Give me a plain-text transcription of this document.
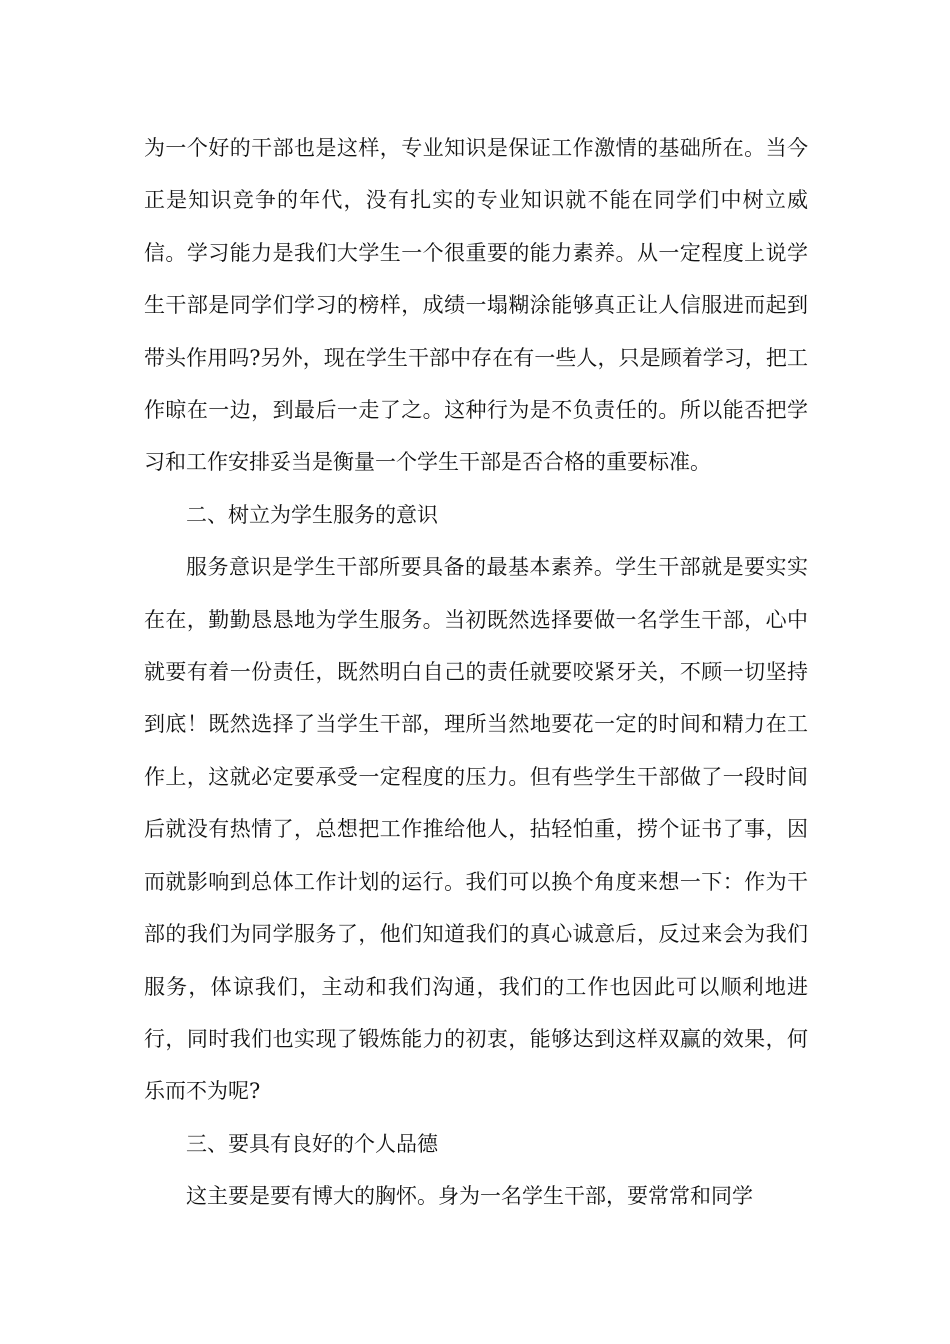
为一个好的干部也是这样，专业知识是保证工作激情的基础所在。当今正是知识竞争的年代，没有扎实的专业知识就不能在同学们中树立威信。学习能力是我们大学生一个很重要的能力素养。从一定程度上说学生干部是同学们学习的榜样，成绩一塌糊涂能够真正让人信服进而起到带头作用吗?另外，现在学生干部中存在有一些人，只是顾着学习，把工作晾在一边，到最后一走了之。这种行为是不负责任的。所以能否把学习和工作安排妥当是衡量一个学生干部是否合格的重要标准。

二、树立为学生服务的意识

服务意识是学生干部所要具备的最基本素养。学生干部就是要实实在在，勤勤恳恳地为学生服务。当初既然选择要做一名学生干部，心中就要有着一份责任，既然明白自己的责任就要咬紧牙关，不顾一切坚持到底！既然选择了当学生干部，理所当然地要花一定的时间和精力在工作上，这就必定要承受一定程度的压力。但有些学生干部做了一段时间后就没有热情了，总想把工作推给他人，拈轻怕重，捞个证书了事，因而就影响到总体工作计划的运行。我们可以换个角度来想一下：作为干部的我们为同学服务了，他们知道我们的真心诚意后，反过来会为我们服务，体谅我们，主动和我们沟通，我们的工作也因此可以顺利地进行，同时我们也实现了锻炼能力的初衷，能够达到这样双赢的效果，何乐而不为呢?

三、要具有良好的个人品德

这主要是要有博大的胸怀。身为一名学生干部，要常常和同学
